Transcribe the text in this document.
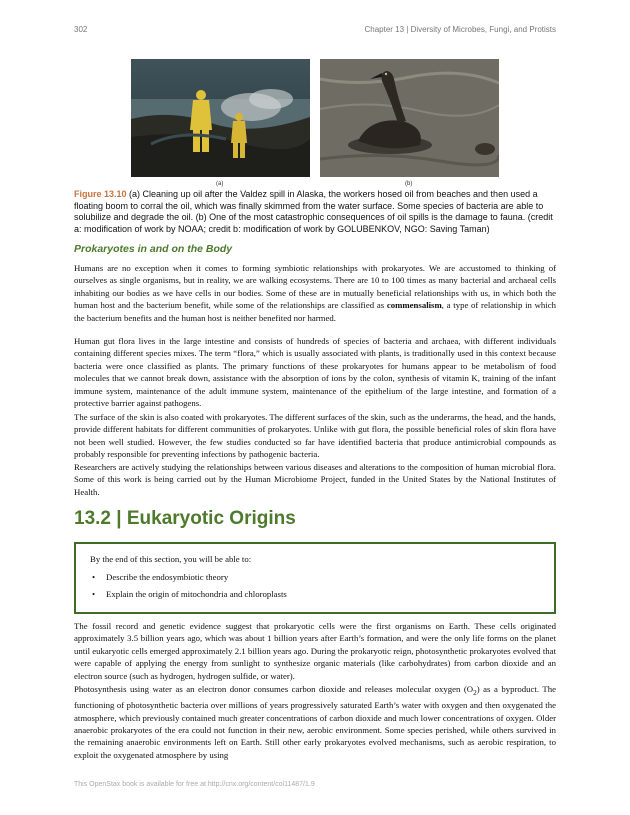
302	Chapter 13 | Diversity of Microbes, Fungi, and Protists
(a)	(b)
Figure 13.10 (a) Cleaning up oil after the Valdez spill in Alaska, the workers hosed oil from beaches and then used a floating boom to corral the oil, which was finally skimmed from the water surface. Some species of bacteria are able to solubilize and degrade the oil. (b) One of the most catastrophic consequences of oil spills is the damage to fauna. (credit a: modification of work by NOAA; credit b: modification of work by GOLUBENKOV, NGO: Saving Taman)
Prokaryotes in and on the Body

Humans are no exception when it comes to forming symbiotic relationships with prokaryotes. We are accustomed to thinking of ourselves as single organisms, but in reality, we are walking ecosystems. There are 10 to 100 times as many bacterial and archaeal cells inhabiting our bodies as we have cells in our bodies. Some of these are in mutually beneficial relationships with us, in which both the human host and the bacterium benefit, while some of the relationships are classified as commensalism, a type of relationship in which the bacterium benefits and the human host is neither benefited nor harmed.

Human gut flora lives in the large intestine and consists of hundreds of species of bacteria and archaea, with different individuals containing different species mixes. The term “flora,” which is usually associated with plants, is traditionally used in this context because bacteria were once classified as plants. The primary functions of these prokaryotes for humans appear to be metabolism of food molecules that we cannot break down, assistance with the absorption of ions by the colon, synthesis of vitamin K, training of the infant immune system, maintenance of the adult immune system, maintenance of the epithelium of the large intestine, and formation of a protective barrier against pathogens.

The surface of the skin is also coated with prokaryotes. The different surfaces of the skin, such as the underarms, the head, and the hands, provide different habitats for different communities of prokaryotes. Unlike with gut flora, the possible beneficial roles of skin flora have not been well studied. However, the few studies conducted so far have identified bacteria that produce antimicrobial compounds as probably responsible for preventing infections by pathogenic bacteria.

Researchers are actively studying the relationships between various diseases and alterations to the composition of human microbial flora. Some of this work is being carried out by the Human Microbiome Project, funded in the United States by the National Institutes of Health.

13.2 | Eukaryotic Origins
By the end of this section, you will be able to:
• Describe the endosymbiotic theory
• Explain the origin of mitochondria and chloroplasts

The fossil record and genetic evidence suggest that prokaryotic cells were the first organisms on Earth. These cells originated approximately 3.5 billion years ago, which was about 1 billion years after Earth’s formation, and were the only life forms on the planet until eukaryotic cells emerged approximately 2.1 billion years ago. During the prokaryotic reign, photosynthetic prokaryotes evolved that were capable of applying the energy from sunlight to synthesize organic materials (like carbohydrates) from carbon dioxide and an electron source (such as hydrogen, hydrogen sulfide, or water).

Photosynthesis using water as an electron donor consumes carbon dioxide and releases molecular oxygen $(O_2)$ as a byproduct. The functioning of photosynthetic bacteria over millions of years progressively saturated Earth’s water with oxygen and then oxygenated the atmosphere, which previously contained much greater concentrations of carbon dioxide and much lower concentrations of oxygen. Older anaerobic prokaryotes of the era could not function in their new, aerobic environment. Some species perished, while others survived in the remaining anaerobic environments left on Earth. Still other early prokaryotes evolved mechanisms, such as aerobic respiration, to exploit the oxygenated atmosphere by using

This OpenStax book is available for free at http://cnx.org/content/col11487/1.9
